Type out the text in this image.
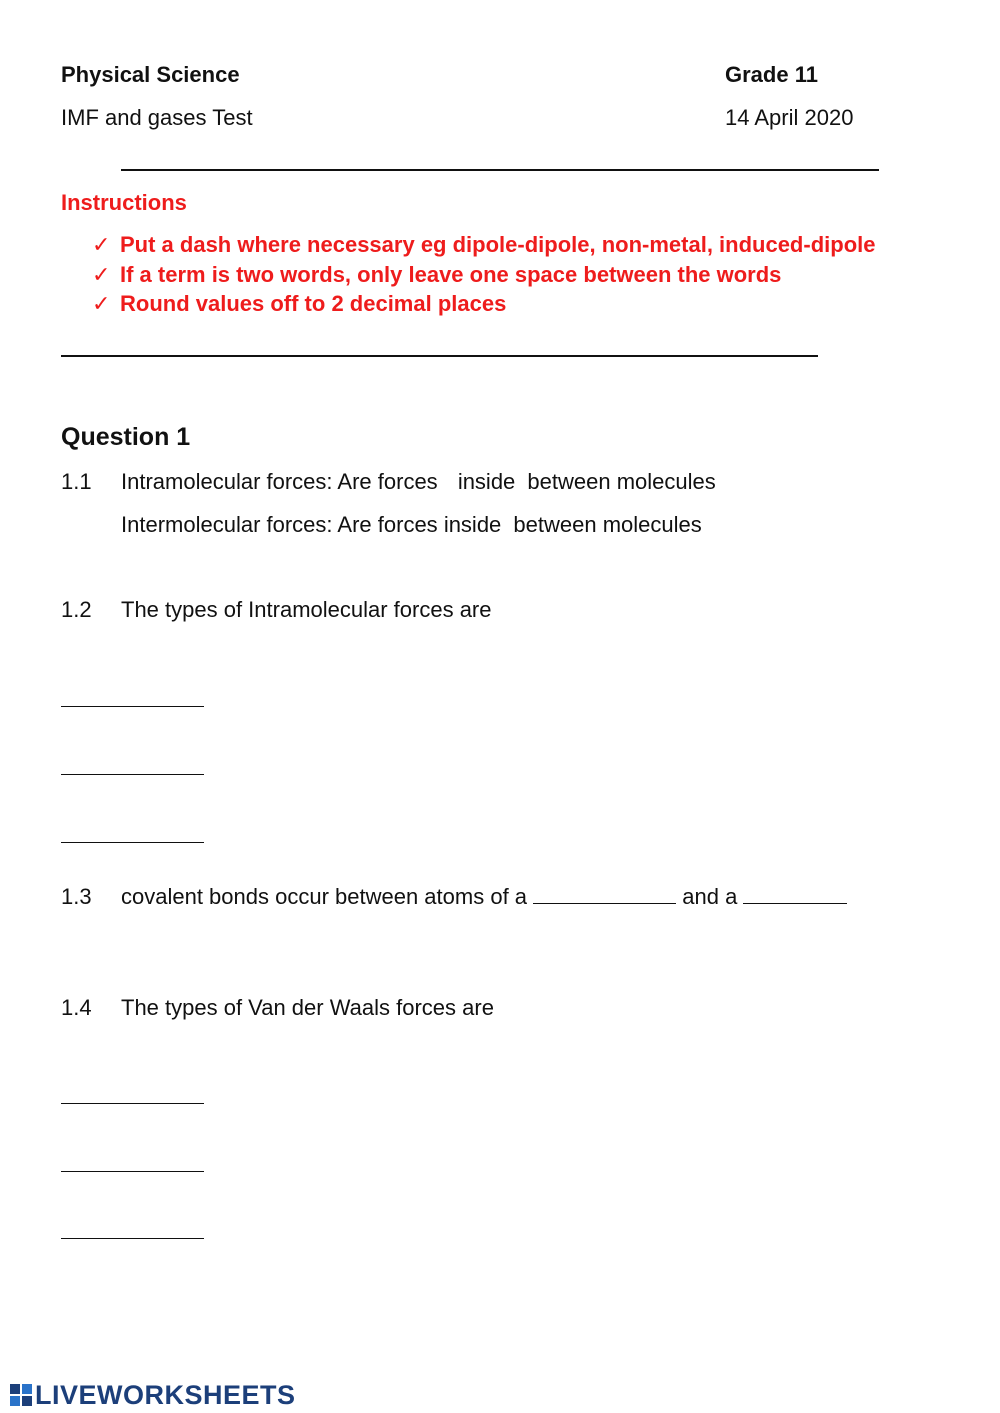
Physical Science	Grade 11
IMF and gases Test	14 April 2020
Instructions
✓ Put a dash where necessary eg dipole-dipole, non-metal, induced-dipole
✓ If a term is two words, only leave one space between the words
✓ Round values off to 2 decimal places
Question 1
1.1 Intramolecular forces: Are forces inside between molecules
Intermolecular forces: Are forces inside between molecules
1.2 The types of Intramolecular forces are
1.3 covalent bonds occur between atoms of a	and a
1.4 The types of Van der Waals forces are
LIVEWORKSHEETS
